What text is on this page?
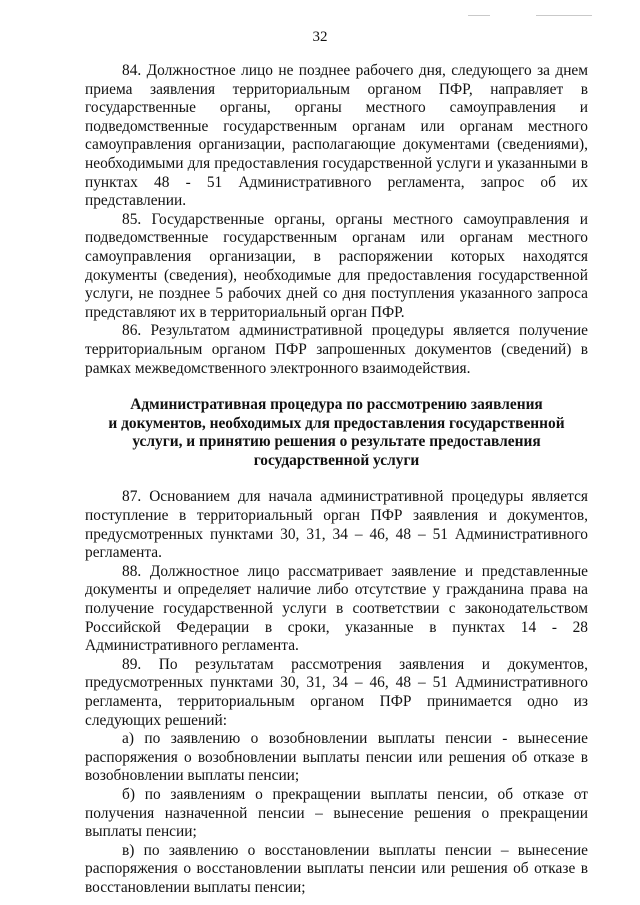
32

84. Должностное лицо не позднее рабочего дня, следующего за днем приема заявления территориальным органом ПФР, направляет в государственные органы, органы местного самоуправления и подведомственные государственным органам или органам местного самоуправления организации, располагающие документами (сведениями), необходимыми для предоставления государственной услуги и указанными в пунктах 48 - 51 Административного регламента, запрос об их представлении.

85. Государственные органы, органы местного самоуправления и подведомственные государственным органам или органам местного самоуправления организации, в распоряжении которых находятся документы (сведения), необходимые для предоставления государственной услуги, не позднее 5 рабочих дней со дня поступления указанного запроса представляют их в территориальный орган ПФР.

86. Результатом административной процедуры является получение территориальным органом ПФР запрошенных документов (сведений) в рамках межведомственного электронного взаимодействия.

Административная процедура по рассмотрению заявления
и документов, необходимых для предоставления государственной
услуги, и принятию решения о результате предоставления
государственной услуги

87. Основанием для начала административной процедуры является поступление в территориальный орган ПФР заявления и документов, предусмотренных пунктами 30, 31, 34 – 46, 48 – 51 Административного регламента.

88. Должностное лицо рассматривает заявление и представленные документы и определяет наличие либо отсутствие у гражданина права на получение государственной услуги в соответствии с законодательством Российской Федерации в сроки, указанные в пунктах 14 - 28 Административного регламента.

89. По результатам рассмотрения заявления и документов, предусмотренных пунктами 30, 31, 34 – 46, 48 – 51 Административного регламента, территориальным органом ПФР принимается одно из следующих решений:

а) по заявлению о возобновлении выплаты пенсии - вынесение распоряжения о возобновлении выплаты пенсии или решения об отказе в возобновлении выплаты пенсии;

б) по заявлениям о прекращении выплаты пенсии, об отказе от получения назначенной пенсии – вынесение решения о прекращении выплаты пенсии;

в) по заявлению о восстановлении выплаты пенсии – вынесение распоряжения о восстановлении выплаты пенсии или решения об отказе в восстановлении выплаты пенсии;
